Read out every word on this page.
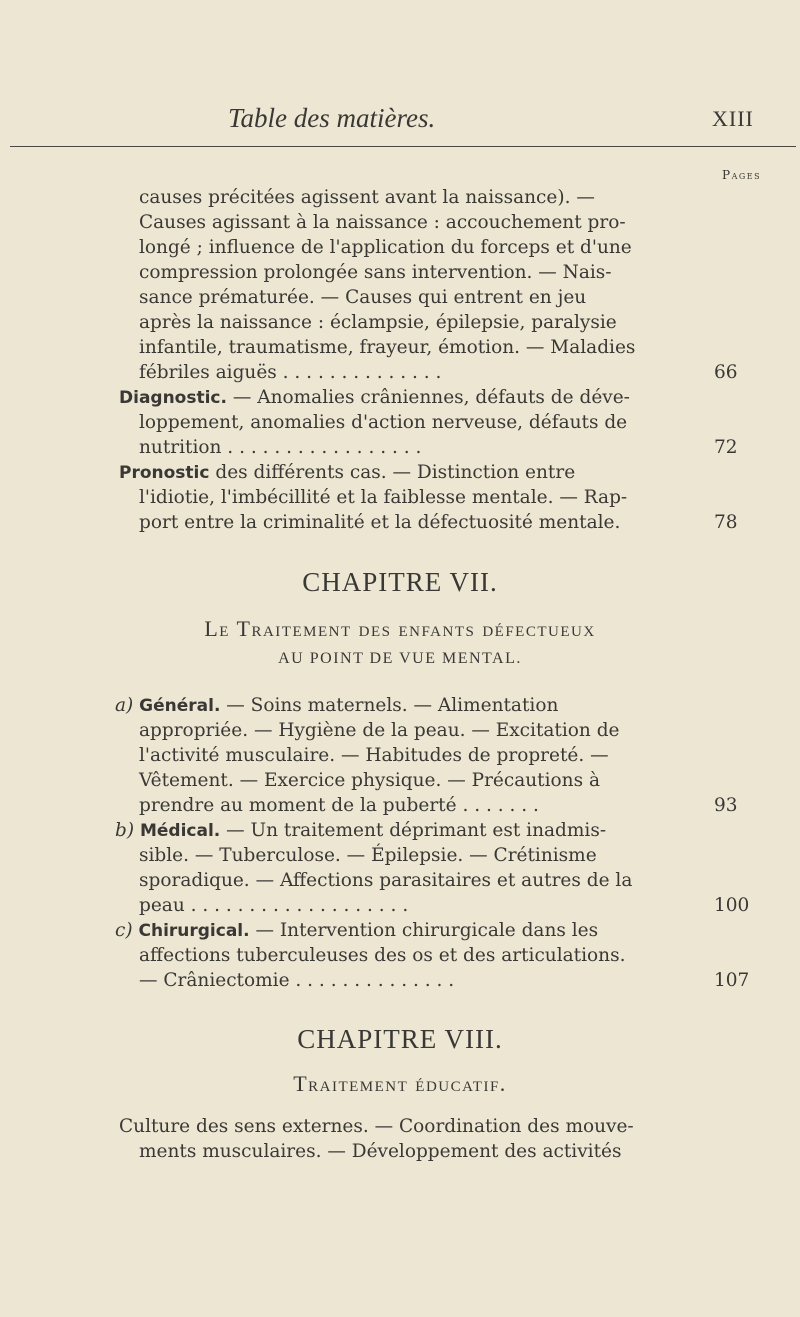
Table des matières.	XIII
Pages
causes précitées agissent avant la naissance). —
Causes agissant à la naissance : accouchement pro-
longé ; influence de l'application du forceps et d'une
compression prolongée sans intervention. — Nais-
sance prématurée. — Causes qui entrent en jeu
après la naissance : éclampsie, épilepsie, paralysie
infantile, traumatisme, frayeur, émotion. — Maladies
fébriles aiguës . . . . . . . . . . . . . .	66
Diagnostic. — Anomalies crâniennes, défauts de déve-
loppement, anomalies d'action nerveuse, défauts de
nutrition . . . . . . . . . . . . . . . . .	72
Pronostic des différents cas. — Distinction entre
l'idiotie, l'imbécillité et la faiblesse mentale. — Rap-
port entre la criminalité et la défectuosité mentale.	78
CHAPITRE VII.
Le Traitement des enfants défectueux
AU POINT DE VUE MENTAL.
a) Général. — Soins maternels. — Alimentation
appropriée. — Hygiène de la peau. — Excitation de
l'activité musculaire. — Habitudes de propreté. —
Vêtement. — Exercice physique. — Précautions à
prendre au moment de la puberté . . . . . . .	93
b) Médical. — Un traitement déprimant est inadmis-
sible. — Tuberculose. — Épilepsie. — Crétinisme
sporadique. — Affections parasitaires et autres de la
peau . . . . . . . . . . . . . . . . . . .	100
c) Chirurgical. — Intervention chirurgicale dans les
affections tuberculeuses des os et des articulations.
— Crâniectomie . . . . . . . . . . . . . .	107
CHAPITRE VIII.
Traitement éducatif.
Culture des sens externes. — Coordination des mouve-
ments musculaires. — Développement des activités
